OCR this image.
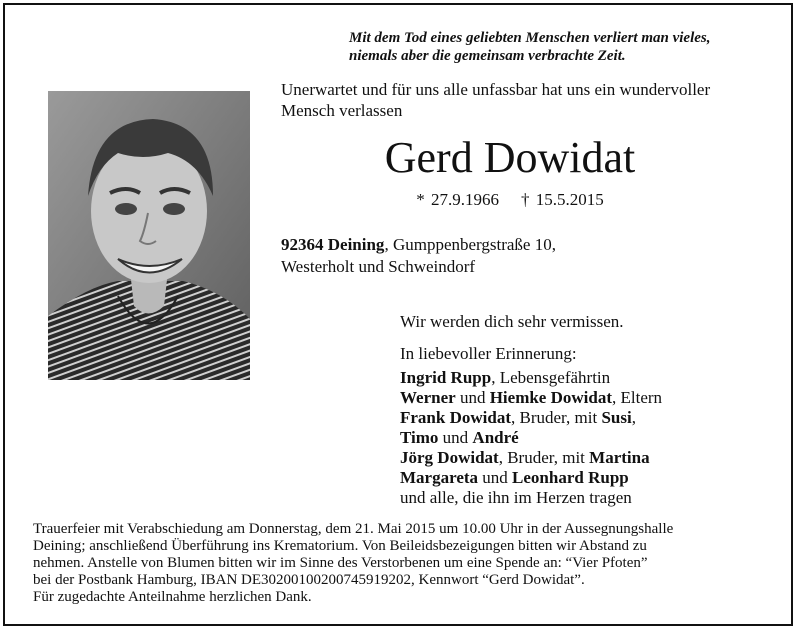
Mit dem Tod eines geliebten Menschen verliert man vieles,
niemals aber die gemeinsam verbrachte Zeit.
Unerwartet und für uns alle unfassbar hat uns ein wundervoller
Mensch verlassen
Gerd Dowidat
* 27.9.1966 † 15.5.2015
92364 Deining, Gumppenbergstraße 10,
Westerholt und Schweindorf
Wir werden dich sehr vermissen.
In liebevoller Erinnerung:
Ingrid Rupp, Lebensgefährtin
Werner und Hiemke Dowidat, Eltern
Frank Dowidat, Bruder, mit Susi,
Timo und André
Jörg Dowidat, Bruder, mit Martina
Margareta und Leonhard Rupp
und alle, die ihn im Herzen tragen
Trauerfeier mit Verabschiedung am Donnerstag, dem 21. Mai 2015 um 10.00 Uhr in der Aussegnungshalle
Deining; anschließend Überführung ins Krematorium. Von Beileidsbezeigungen bitten wir Abstand zu
nehmen. Anstelle von Blumen bitten wir im Sinne des Verstorbenen um eine Spende an: “Vier Pfoten”
bei der Postbank Hamburg, IBAN DE30200100200745919202, Kennwort “Gerd Dowidat”.
Für zugedachte Anteilnahme herzlichen Dank.
